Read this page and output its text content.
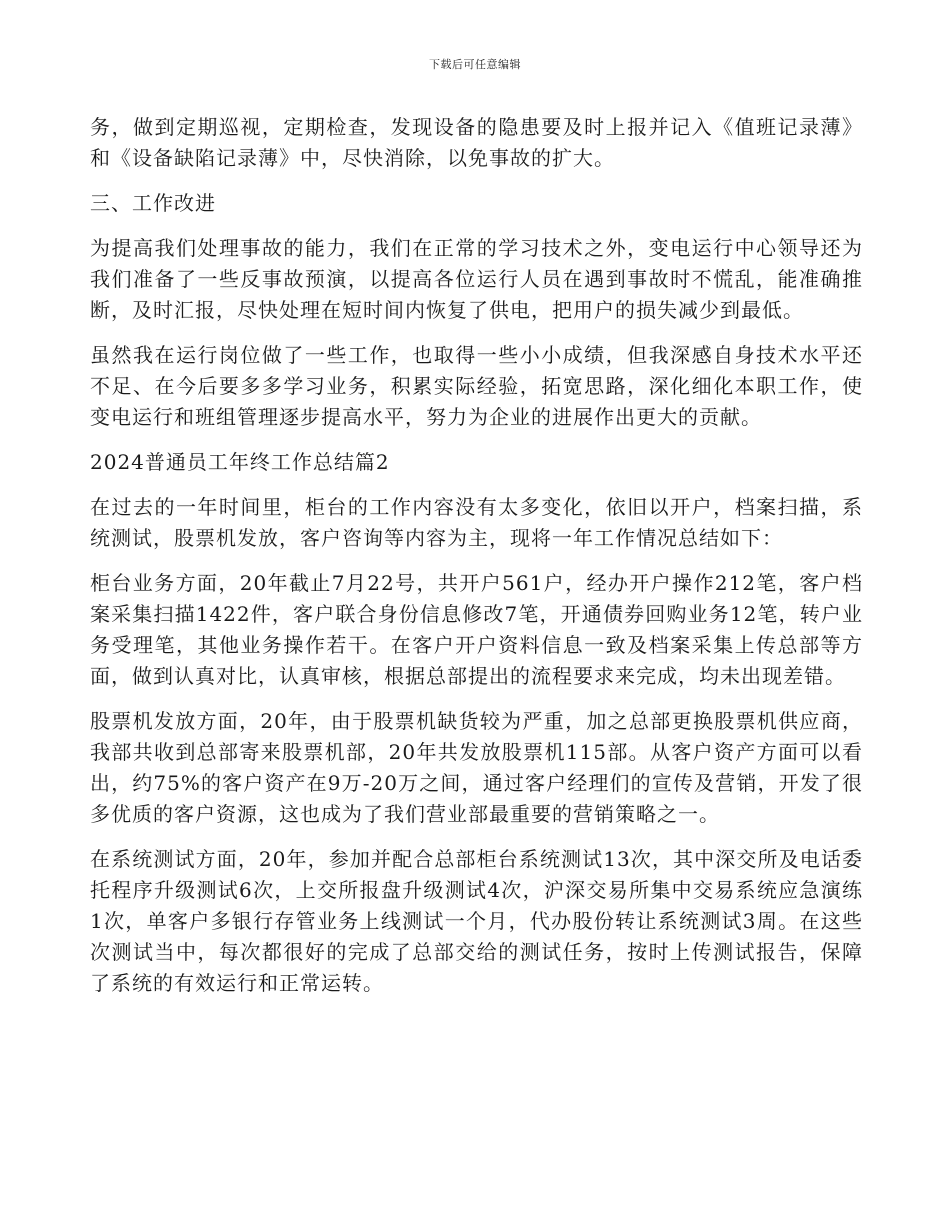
下载后可任意编辑

务，做到定期巡视，定期检查，发现设备的隐患要及时上报并记入《值班记录薄》和《设备缺陷记录薄》中，尽快消除，以免事故的扩大。

三、工作改进

为提高我们处理事故的能力，我们在正常的学习技术之外，变电运行中心领导还为我们准备了一些反事故预演，以提高各位运行人员在遇到事故时不慌乱，能准确推断，及时汇报，尽快处理在短时间内恢复了供电，把用户的损失减少到最低。

虽然我在运行岗位做了一些工作，也取得一些小小成绩，但我深感自身技术水平还不足、在今后要多多学习业务，积累实际经验，拓宽思路，深化细化本职工作，使变电运行和班组管理逐步提高水平，努力为企业的进展作出更大的贡献。

2024普通员工年终工作总结篇2

在过去的一年时间里，柜台的工作内容没有太多变化，依旧以开户，档案扫描，系统测试，股票机发放，客户咨询等内容为主，现将一年工作情况总结如下：

柜台业务方面，20年截止7月22号，共开户561户，经办开户操作212笔，客户档案采集扫描1422件，客户联合身份信息修改7笔，开通债券回购业务12笔，转户业务受理笔，其他业务操作若干。在客户开户资料信息一致及档案采集上传总部等方面，做到认真对比，认真审核，根据总部提出的流程要求来完成，均未出现差错。

股票机发放方面，20年，由于股票机缺货较为严重，加之总部更换股票机供应商，我部共收到总部寄来股票机部，20年共发放股票机115部。从客户资产方面可以看出，约75%的客户资产在9万-20万之间，通过客户经理们的宣传及营销，开发了很多优质的客户资源，这也成为了我们营业部最重要的营销策略之一。

在系统测试方面，20年，参加并配合总部柜台系统测试13次，其中深交所及电话委托程序升级测试6次，上交所报盘升级测试4次，沪深交易所集中交易系统应急演练1次，单客户多银行存管业务上线测试一个月，代办股份转让系统测试3周。在这些次测试当中，每次都很好的完成了总部交给的测试任务，按时上传测试报告，保障了系统的有效运行和正常运转。
